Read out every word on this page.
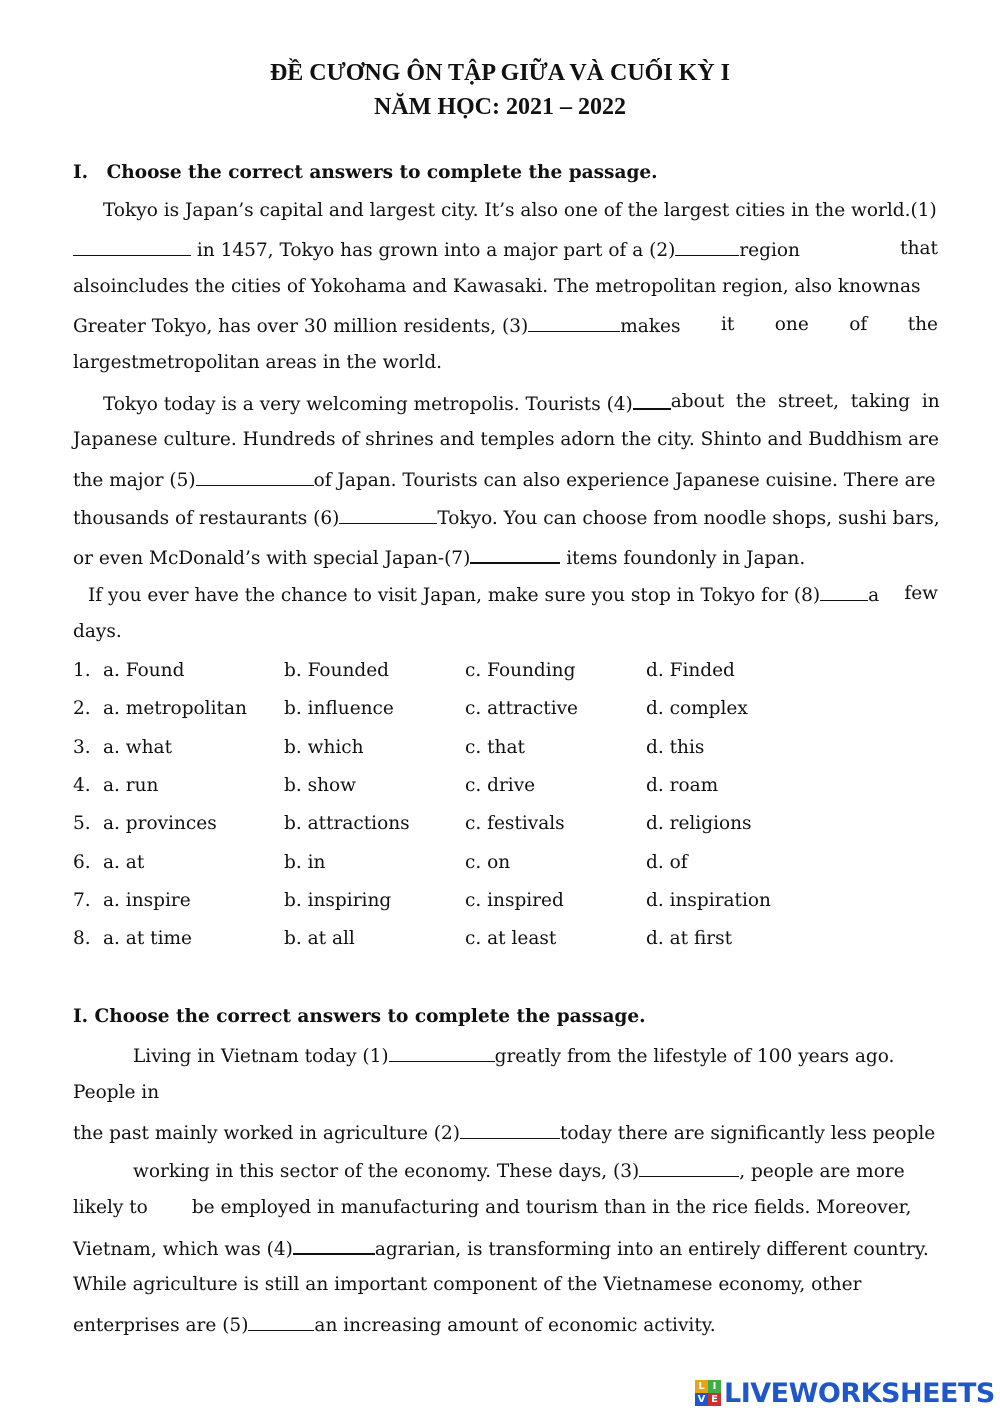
ĐỀ CƯƠNG ÔN TẬP GIỮA VÀ CUỐI KỲ I
NĂM HỌC: 2021 – 2022
I. Choose the correct answers to complete the passage.
Tokyo is Japan’s capital and largest city. It’s also one of the largest cities in the world.(1)
in 1457, Tokyo has grown into a major part of a (2)	region	that
alsoincludes the cities of Yokohama and Kawasaki. The metropolitan region, also knownas
Greater Tokyo, has over 30 million residents, (3)	makes it one of the
largestmetropolitan areas in the world.
Tokyo today is a very welcoming metropolis. Tourists (4)	about  the  street,  taking  in
Japanese culture. Hundreds of shrines and temples adorn the city. Shinto and Buddhism are
the major (5)	of Japan. Tourists can also experience Japanese cuisine. There are
thousands of restaurants (6)	Tokyo. You can choose from noodle shops, sushi bars,
or even McDonald’s with special Japan-(7)	items foundonly in Japan.
If you ever have the chance to visit Japan, make sure you stop in Tokyo for (8)	a few
days.
1. a. Found	b. Founded	c. Founding	d. Finded
2. a. metropolitan b. influence	c. attractive	d. complex
3. a. what	b. which	c. that	d. this
4. a. run	b. show	c. drive	d. roam
5. a. provinces	b. attractions	c. festivals	d. religions
6. a. at	b. in	c. on	d. of
7. a. inspire	b. inspiring	c. inspired	d. inspiration
8. a. at time	b. at all	c. at least	d. at first
I. Choose the correct answers to complete the passage.
Living in Vietnam today (1)	greatly from the lifestyle of 100 years ago.
People in
the past mainly worked in agriculture (2)	today there are significantly less people
working in this sector of the economy. These days, (3)	, people are more
likely to be employed in manufacturing and tourism than in the rice fields. Moreover,
Vietnam, which was (4)	agrarian, is transforming into an entirely different country.
While agriculture is still an important component of the Vietnamese economy, other
enterprises are (5)	an increasing amount of economic activity.
L I
V E LIVEWORKSHEETS
